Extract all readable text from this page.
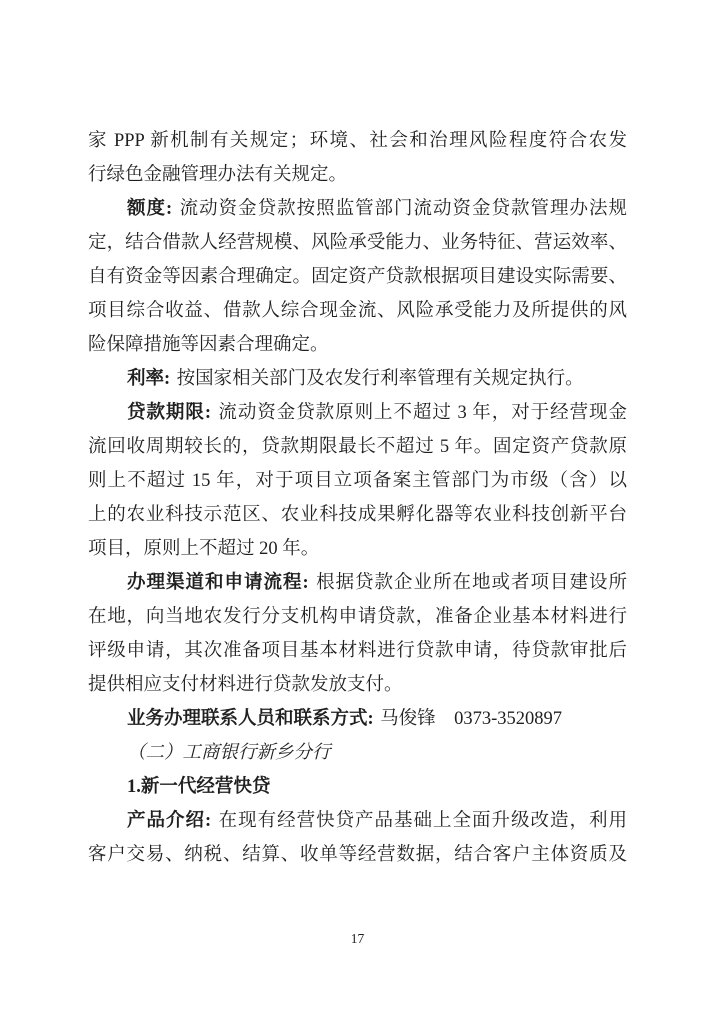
家 PPP 新机制有关规定；环境、社会和治理风险程度符合农发
行绿色金融管理办法有关规定。
额度: 流动资金贷款按照监管部门流动资金贷款管理办法规
定，结合借款人经营规模、风险承受能力、业务特征、营运效率、
自有资金等因素合理确定。固定资产贷款根据项目建设实际需要、
项目综合收益、借款人综合现金流、风险承受能力及所提供的风
险保障措施等因素合理确定。
利率: 按国家相关部门及农发行利率管理有关规定执行。
贷款期限: 流动资金贷款原则上不超过 3 年，对于经营现金
流回收周期较长的，贷款期限最长不超过 5 年。固定资产贷款原
则上不超过 15 年，对于项目立项备案主管部门为市级（含）以
上的农业科技示范区、农业科技成果孵化器等农业科技创新平台
项目，原则上不超过 20 年。
办理渠道和申请流程: 根据贷款企业所在地或者项目建设所
在地，向当地农发行分支机构申请贷款，准备企业基本材料进行
评级申请，其次准备项目基本材料进行贷款申请，待贷款审批后
提供相应支付材料进行贷款发放支付。
业务办理联系人员和联系方式: 马俊锋　0373-3520897
（二）工商银行新乡分行
1.新一代经营快贷
产品介绍: 在现有经营快贷产品基础上全面升级改造，利用
客户交易、纳税、结算、收单等经营数据，结合客户主体资质及
17
